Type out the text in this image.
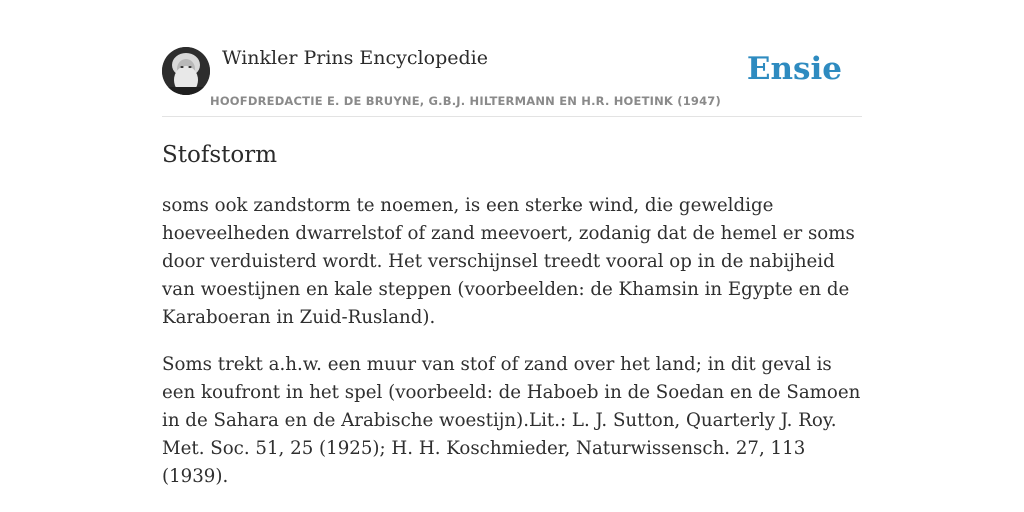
Winkler Prins Encyclopedie
HOOFDREDACTIE E. DE BRUYNE, G.B.J. HILTERMANN EN H.R. HOETINK (1947)
Ensie
Stofstorm

soms ook zandstorm te noemen, is een sterke wind, die geweldige hoeveelheden dwarrelstof of zand meevoert, zodanig dat de hemel er soms door verduisterd wordt. Het verschijnsel treedt vooral op in de nabijheid van woestijnen en kale steppen (voorbeelden: de Khamsin in Egypte en de Karaboeran in Zuid-Rusland).

Soms trekt a.h.w. een muur van stof of zand over het land; in dit geval is een koufront in het spel (voorbeeld: de Haboeb in de Soedan en de Samoen in de Sahara en de Arabische woestijn).Lit.: L. J. Sutton, Quarterly J. Roy. Met. Soc. 51, 25 (1925); H. H. Koschmieder, Naturwissensch. 27, 113 (1939).
